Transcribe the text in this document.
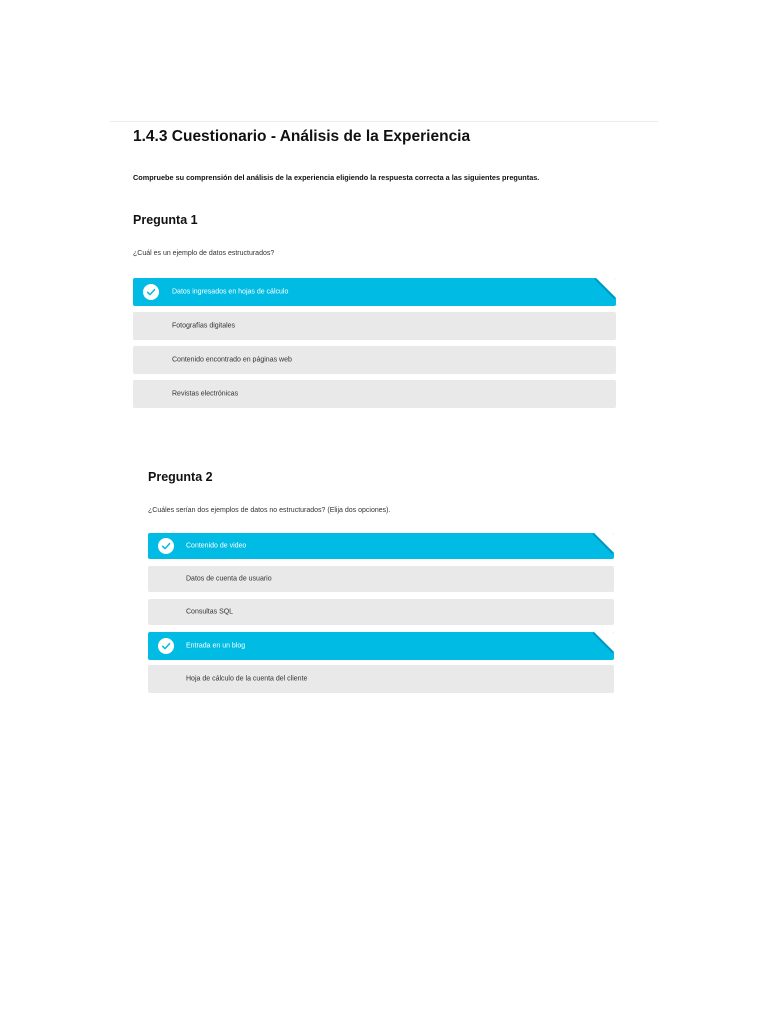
1.4.3 Cuestionario - Análisis de la Experiencia

Compruebe su comprensión del análisis de la experiencia eligiendo la respuesta correcta a las siguientes preguntas.

Pregunta 1

¿Cuál es un ejemplo de datos estructurados?

Datos ingresados en hojas de cálculo
Fotografías digitales
Contenido encontrado en páginas web
Revistas electrónicas
Pregunta 2

¿Cuáles serían dos ejemplos de datos no estructurados? (Elija dos opciones).

Contenido de video
Datos de cuenta de usuario
Consultas SQL
Entrada en un blog
Hoja de cálculo de la cuenta del cliente
